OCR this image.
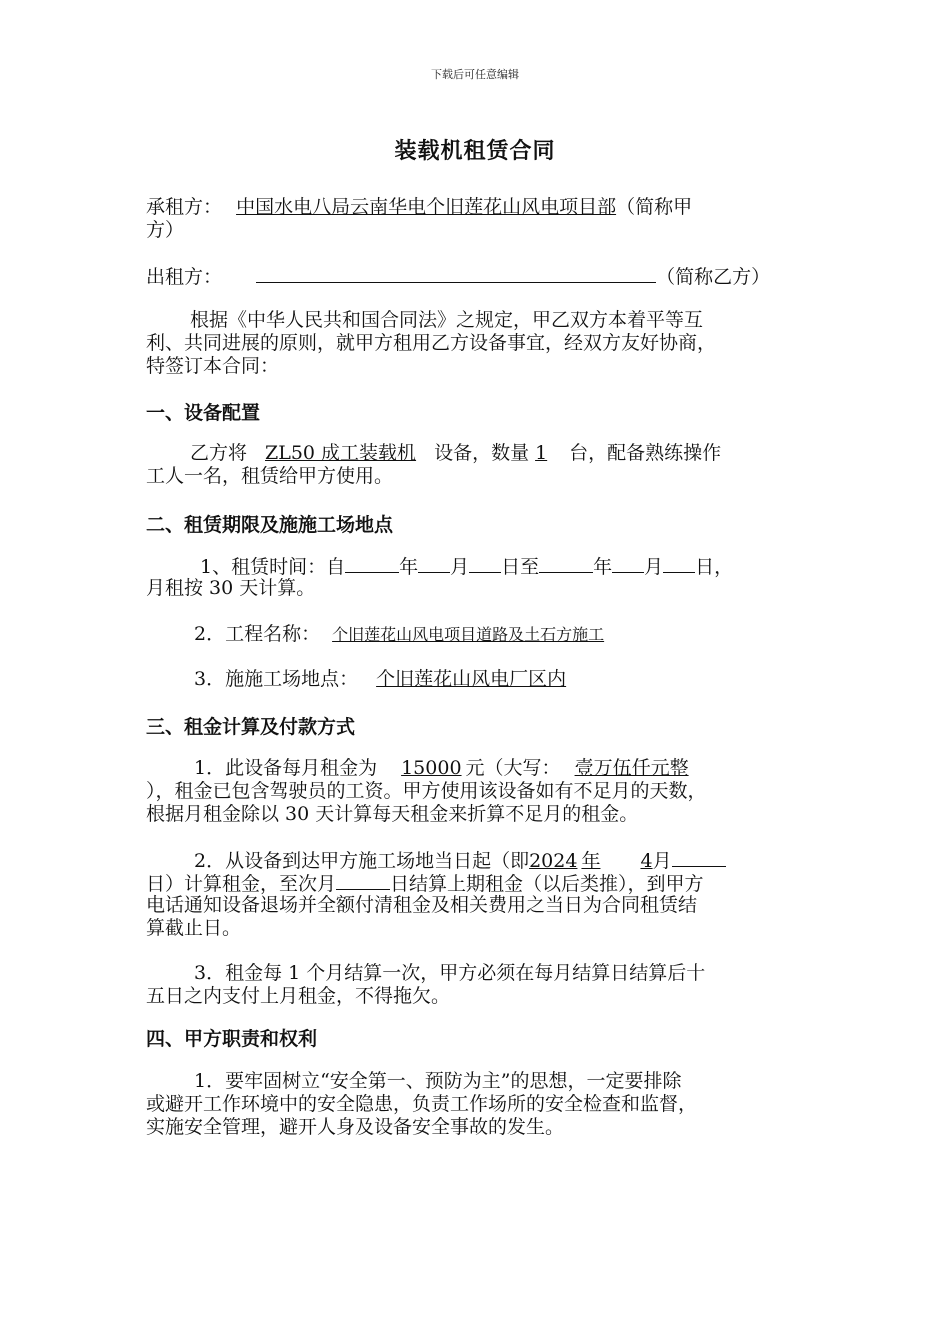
下载后可任意编辑
装载机租赁合同
承租方： 中国水电八局云南华电个旧莲花山风电项目部（简称甲
方）
出租方：	（简称乙方）
根据《中华人民共和国合同法》之规定，甲乙双方本着平等互
利、共同进展的原则，就甲方租用乙方设备事宜，经双方友好协商，
特签订本合同：
一、设备配置
乙方将 ZL50 成工装载机 设备，数量 1 台，配备熟练操作
工人一名，租赁给甲方使用。
二、租赁期限及施施工场地点
1、租赁时间：自	年 月 日至	年 月 日，
月租按 30 天计算。
2．工程名称： 个旧莲花山风电项目道路及土石方施工
3．施施工场地点： 个旧莲花山风电厂区内
三、租金计算及付款方式
1．此设备每月租金为 15000 元（大写： 壹万伍仟元整
），租金已包含驾驶员的工资。甲方使用该设备如有不足月的天数，
根据月租金除以 30 天计算每天租金来折算不足月的租金。
2．从设备到达甲方施工场地当日起（即2024 年 4月
日）计算租金，至次月	日结算上期租金（以后类推），到甲方
电话通知设备退场并全额付清租金及相关费用之当日为合同租赁结
算截止日。
3．租金每 1 个月结算一次，甲方必须在每月结算日结算后十
五日之内支付上月租金，不得拖欠。
四、甲方职责和权利
1．要牢固树立“安全第一、预防为主”的思想，一定要排除
或避开工作环境中的安全隐患，负责工作场所的安全检查和监督，
实施安全管理，避开人身及设备安全事故的发生。
